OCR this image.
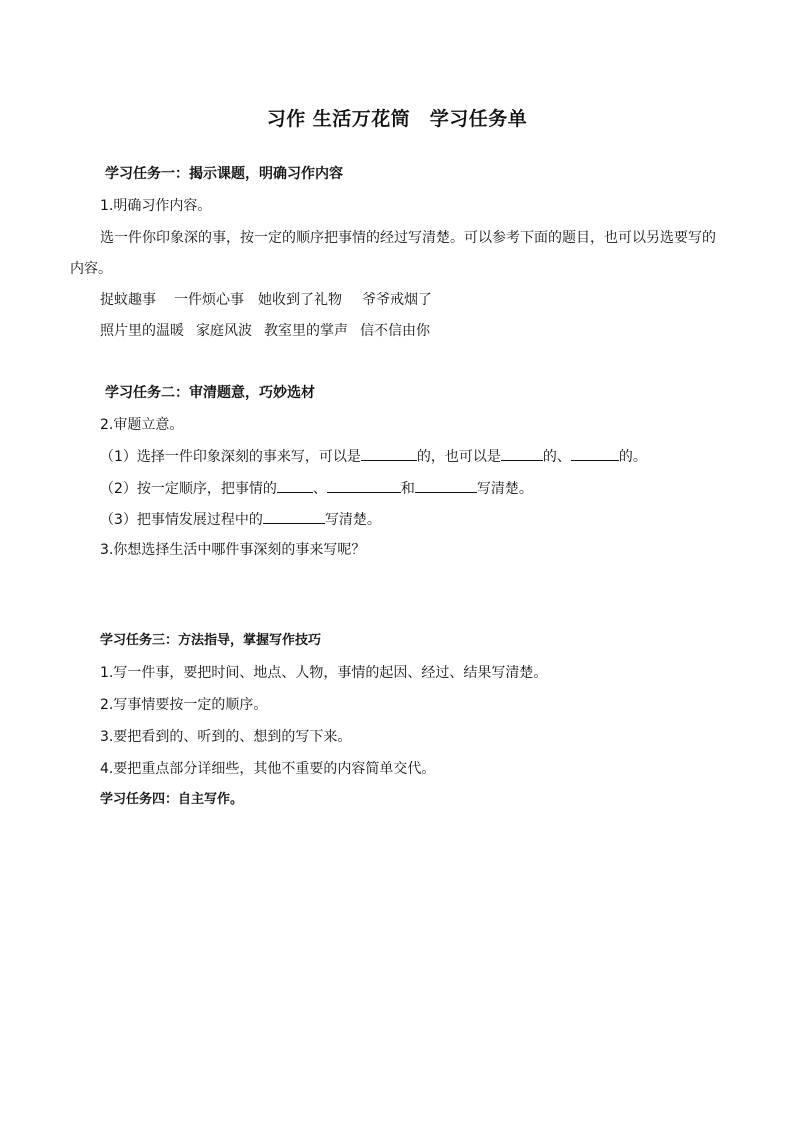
习作 生活万花筒　学习任务单
学习任务一：揭示课题，明确习作内容
1.明确习作内容。
选一件你印象深的事，按一定的顺序把事情的经过写清楚。可以参考下面的题目，也可以另选要写的
内容。
捉蚊趣事 一件烦心事 她收到了礼物 爷爷戒烟了
照片里的温暖 家庭风波 教室里的掌声 信不信由你
学习任务二：审清题意，巧妙选材
2.审题立意。
（1）选择一件印象深刻的事来写，可以是	的，也可以是	的、	的。
（2）按一定顺序，把事情的	、	和	写清楚。
（3）把事情发展过程中的	写清楚。
3.你想选择生活中哪件事深刻的事来写呢？
学习任务三：方法指导，掌握写作技巧
1.写一件事，要把时间、地点、人物，事情的起因、经过、结果写清楚。
2.写事情要按一定的顺序。
3.要把看到的、听到的、想到的写下来。
4.要把重点部分详细些，其他不重要的内容简单交代。
学习任务四：自主写作。
